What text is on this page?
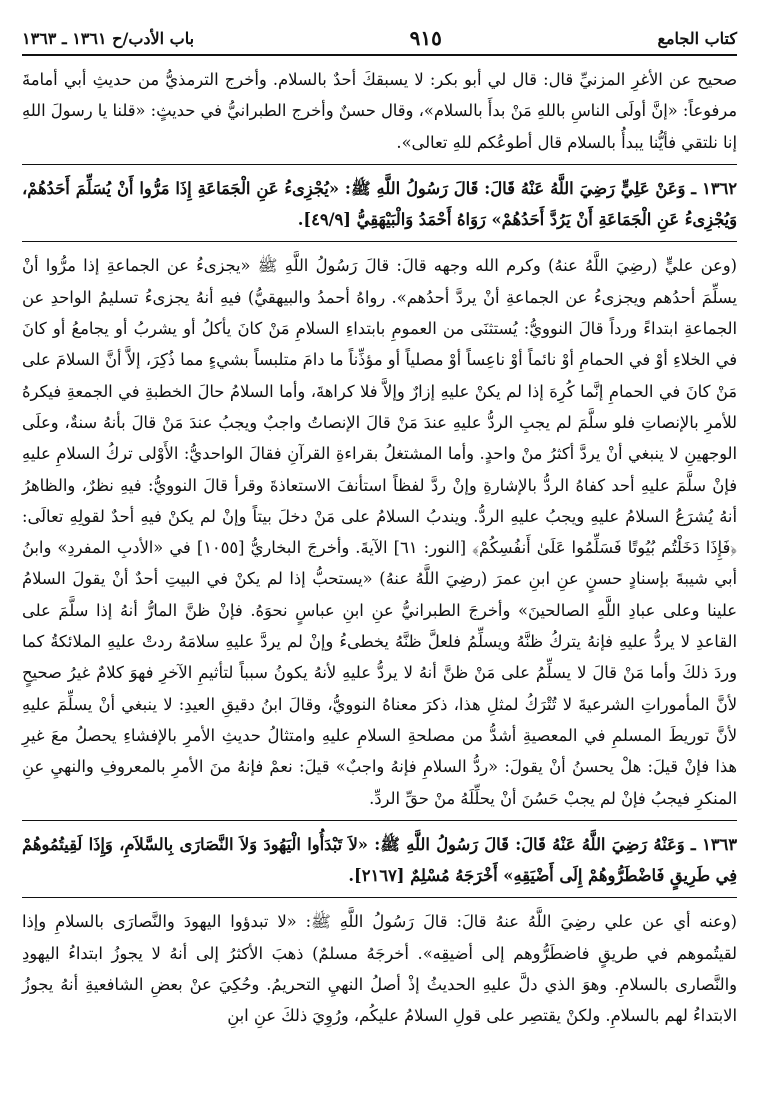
كتاب الجامع
٩١٥
باب الأدب/ح ١٣٦١ ـ ١٣٦٣

صحيح عن الأغرِ المزنيِّ قال: قال لي أبو بكر: لا يسبقكَ أحدٌ بالسلام. وأخرج الترمذيُّ من حديثِ أبي أمامةَ مرفوعاً: «إنَّ أولَى الناسِ باللهِ مَنْ بدأَ بالسلام»، وقال حسنٌ وأخرج الطبرانيُّ في حديثٍ: «قلنا يا رسولَ اللهِ إنا نلتقي فأيُّنا يبدأُ بالسلام قال أطوعُكم للهِ تعالى».

١٣٦٢ ـ وَعَنْ عَلِيٍّ رَضِيَ اللَّهُ عَنْهُ قَالَ: قَالَ رَسُولُ اللَّهِ ﷺ: «يُجْزِىءُ عَنِ الْجَمَاعَةِ إِذَا مَرُّوا أَنْ يُسَلِّمَ أَحَدُهُمْ، وَيُجْزِىءُ عَنِ الْجَمَاعَةِ أَنْ يَرُدَّ أَحَدُهُمْ» رَوَاهُ أَحْمَدُ وَالْبَيْهَقِيُّ [٤٩/٩].

(وعن عليٍّ (رضِيَ اللَّهُ عنهُ) وكرم الله وجهه قالَ: قالَ رَسُولُ اللَّهِ ﷺ «يجزىءُ عن الجماعةِ إذا مرُّوا أنْ يسلِّمَ أحدُهم ويجزىءُ عن الجماعةِ أنْ يردَّ أحدُهم». رواهُ أحمدُ والبيهقيُّ) فيهِ أنهُ يجزىءُ تسليمُ الواحدِ عن الجماعةِ ابتداءً ورداً قالَ النوويُّ: يُستثنَى من العمومِ بابتداءِ السلامِ مَنْ كانَ يأكلُ أو يشربُ أو يجامعُ أو كانَ في الخلاءِ أوْ في الحمامِ أوْ نائماً أوْ ناعِساً أوْ مصلياً أو مؤذِّناً ما دامَ متلبساً بشيءٍ مما ذُكِرَ، إلاَّ أنَّ السلامَ على مَنْ كانَ في الحمامِ إنَّما كُرِهَ إذا لم يكنْ عليهِ إزارٌ وإلاَّ فلا كراهةَ، وأما السلامُ حالَ الخطبةِ في الجمعةِ فيكرهُ للأمرِ بالإنصاتِ فلو سلَّمَ لم يجبِ الردُّ عليهِ عندَ مَنْ قالَ الإنصاتُ واجبٌ ويجبُ عندَ مَنْ قالَ بأنهُ سنةٌ، وعلَى الوجهينِ لا ينبغي أنْ يردَّ أكثرُ منْ واحدٍ. وأما المشتغلُ بقراءةِ القرآنِ فقالَ الواحديُّ: الأَوْلى تركُ السلامِ عليهِ فإنْ سلَّمَ عليهِ أحد كفاهُ الردُّ بالإشارةِ وإنْ ردَّ لفظاً استأنفَ الاستعاذةَ وقرأ قالَ النوويُّ: فيهِ نظرٌ، والظاهرُ أنهُ يُشرَعُ السلامُ عليهِ ويجبُ عليهِ الردُّ. ويندبُ السلامُ على مَنْ دخلَ بيتاً وإنْ لم يكنْ فيهِ أحدٌ لقولِهِ تعالَى: ﴿فَإِذَا دَخَلْتُم بُيُوتًا فَسَلِّمُوا عَلَىٰ أَنفُسِكُمْ﴾ [النور: ٦١] الآيةَ. وأخرجَ البخاريُّ [١٠٥٥] في «الأدبِ المفردِ» وابنُ أبي شيبةَ بإسنادٍ حسنٍ عنِ ابنِ عمرَ (رضِيَ اللَّهُ عنهُ) «يستحبُّ إذا لم يكنْ في البيتِ أحدٌ أنْ يقولَ السلامُ علينا وعلى عبادِ اللَّهِ الصالحينَ» وأخرجَ الطبرانيُّ عنِ ابنِ عباسٍ نحوَهُ. فإنْ ظنَّ المارُّ أنهُ إذا سلَّمَ على القاعدِ لا يردُّ عليهِ فإنهُ يتركُ ظنَّهُ ويسلِّمُ فلعلَّ ظنَّهُ يخطىءُ وإنْ لم يردَّ عليهِ سلامَهُ ردتْ عليهِ الملائكةُ كما وردَ ذلكَ وأما مَنْ قالَ لا يسلِّمُ على مَنْ ظنَّ أنهُ لا يردُّ عليهِ لأنهُ يكونُ سبباً لتأثيمِ الآخرِ فهوَ كلامٌ غيرُ صحيحٍ لأنَّ المأموراتِ الشرعيةَ لا تُتْرَكُ لمثلِ هذا، ذكرَ معناهُ النوويُّ، وقالَ ابنُ دقيقِ العيدِ: لا ينبغي أنْ يسلِّمَ عليهِ لأنَّ توريطَ المسلمِ في المعصيةِ أشدُّ من مصلحةِ السلامِ عليهِ وامتثالُ حديثِ الأمرِ بالإفشاءِ يحصلُ معَ غيرِ هذا فإنْ قيلَ: هلْ يحسنُ أنْ يقولَ: «ردُّ السلامِ فإنهُ واجبٌ» قيلَ: نعمْ فإنهُ منَ الأمرِ بالمعروفِ والنهيِ عنِ المنكرِ فيجبُ فإنْ لم يجبْ حَسُنَ أنْ يحلِّلَهُ منْ حقِّ الردِّ.

١٣٦٣ ـ وَعَنْهُ رَضِيَ اللَّهُ عَنْهُ قَالَ: قَالَ رَسُولُ اللَّهِ ﷺ: «لاَ تَبْدَأُوا الْيَهُودَ وَلاَ النَّصَارَى بِالسَّلاَمِ، وَإِذَا لَقِيتُمُوهُمْ فِي طَرِيقٍ فَاضْطَرُّوهُمْ إِلَى أَضْيَقِهِ» أَخْرَجَهُ مُسْلِمٌ [٢١٦٧].

(وعنه أي عن علي رضِيَ اللَّهُ عنهُ قالَ: قالَ رَسُولُ اللَّهِ ﷺ: «لا تبدؤوا اليهودَ والنَّصارَى بالسلامِ وإذا لقيتُموهم في طريقٍ فاضطَرُّوهم إلى أضيقِه». أخرجَهُ مسلمٌ) ذهبَ الأكثرُ إلى أنهُ لا يجوزُ ابتداءُ اليهودِ والنَّصارى بالسلامِ. وهوَ الذي دلَّ عليهِ الحديثُ إذْ أصلُ النهيِ التحريمُ. وحُكِيَ عنْ بعضِ الشافعيةِ أنهُ يجوزُ الابتداءُ لهم بالسلامِ. ولكنْ يقتصِر على قولِ السلامُ عليكُم، ورُوِيَ ذلكَ عنِ ابنِ
